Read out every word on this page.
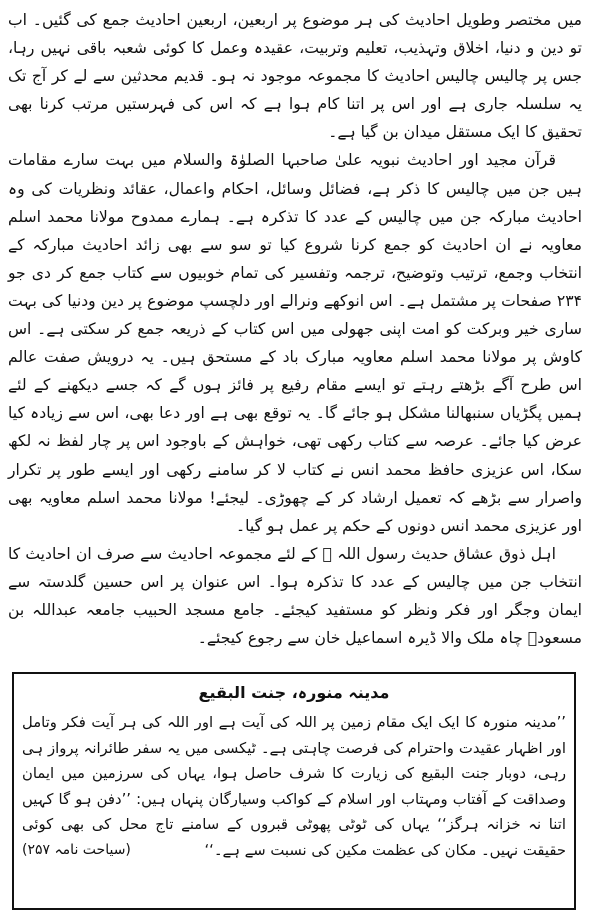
میں مختصر وطویل احادیث کی ہر موضوع پر اربعین، اربعین احادیث جمع کی گئیں۔ اب تو دین و دنیا، اخلاق وتہذیب، تعلیم وتربیت، عقیدہ وعمل کا کوئی شعبہ باقی نہیں رہا، جس پر چالیس چالیس احادیث کا مجموعہ موجود نہ ہو۔ قدیم محدثین سے لے کر آج تک یہ سلسلہ جاری ہے اور اس پر اتنا کام ہوا ہے کہ اس کی فہرستیں مرتب کرنا بھی تحقیق کا ایک مستقل میدان بن گیا ہے۔

قرآن مجید اور احادیث نبویہ علیٰ صاحبہا الصلوٰۃ والسلام میں بہت سارے مقامات ہیں جن میں چالیس کا ذکر ہے، فضائل وسائل، احکام واعمال، عقائد ونظریات کی وہ احادیث مبارکہ جن میں چالیس کے عدد کا تذکرہ ہے۔ ہمارے ممدوح مولانا محمد اسلم معاویہ نے ان احادیث کو جمع کرنا شروع کیا تو سو سے بھی زائد احادیث مبارکہ کے انتخاب وجمع، ترتیب وتوضیح، ترجمہ وتفسیر کی تمام خوبیوں سے کتاب جمع کر دی جو ۲۳۴ صفحات پر مشتمل ہے۔ اس انوکھے ونرالے اور دلچسپ موضوع پر دین ودنیا کی بہت ساری خیر وبرکت کو امت اپنی جھولی میں اس کتاب کے ذریعہ جمع کر سکتی ہے۔ اس کاوش پر مولانا محمد اسلم معاویہ مبارک باد کے مستحق ہیں۔ یہ درویش صفت عالم اس طرح آگے بڑھتے رہتے تو ایسے مقام رفیع پر فائز ہوں گے کہ جسے دیکھنے کے لئے ہمیں پگڑیاں سنبھالنا مشکل ہو جائے گا۔ یہ توقع بھی ہے اور دعا بھی، اس سے زیادہ کیا عرض کیا جائے۔ عرصہ سے کتاب رکھی تھی، خواہش کے باوجود اس پر چار لفظ نہ لکھ سکا، اس عزیزی حافظ محمد انس نے کتاب لا کر سامنے رکھی اور ایسے طور پر تکرار واصرار سے بڑھے کہ تعمیل ارشاد کر کے چھوڑی۔ لیجئے! مولانا محمد اسلم معاویہ بھی اور عزیزی محمد انس دونوں کے حکم پر عمل ہو گیا۔

اہل ذوق عشاق حدیث رسول اللہ ﷺ کے لئے مجموعہ احادیث سے صرف ان احادیث کا انتخاب جن میں چالیس کے عدد کا تذکرہ ہوا۔ اس عنوان پر اس حسین گلدستہ سے ایمان وجگر اور فکر ونظر کو مستفید کیجئے۔ جامع مسجد الحبیب جامعہ عبداللہ بن مسعودؓ چاہ ملک والا ڈیرہ اسماعیل خان سے رجوع کیجئے۔

مدینہ منورہ، جنت البقیع

’’مدینہ منورہ کا ایک ایک مقام زمین پر اللہ کی آیت ہے اور اللہ کی ہر آیت فکر وتامل اور اظہار عقیدت واحترام کی فرصت چاہتی ہے۔ ٹیکسی میں یہ سفر طائرانہ پرواز ہی رہی، دوبار جنت البقیع کی زیارت کا شرف حاصل ہوا، یہاں کی سرزمین میں ایمان وصداقت کے آفتاب ومہتاب اور اسلام کے کواکب وسیارگان پنہاں ہیں: ’’دفن ہو گا کہیں اتنا نہ خزانہ ہرگز‘‘ یہاں کی ٹوٹی پھوٹی قبروں کے سامنے تاج محل کی بھی کوئی حقیقت نہیں۔ مکان کی عظمت مکین کی نسبت سے ہے۔‘‘
(سیاحت نامہ ۲۵۷)
